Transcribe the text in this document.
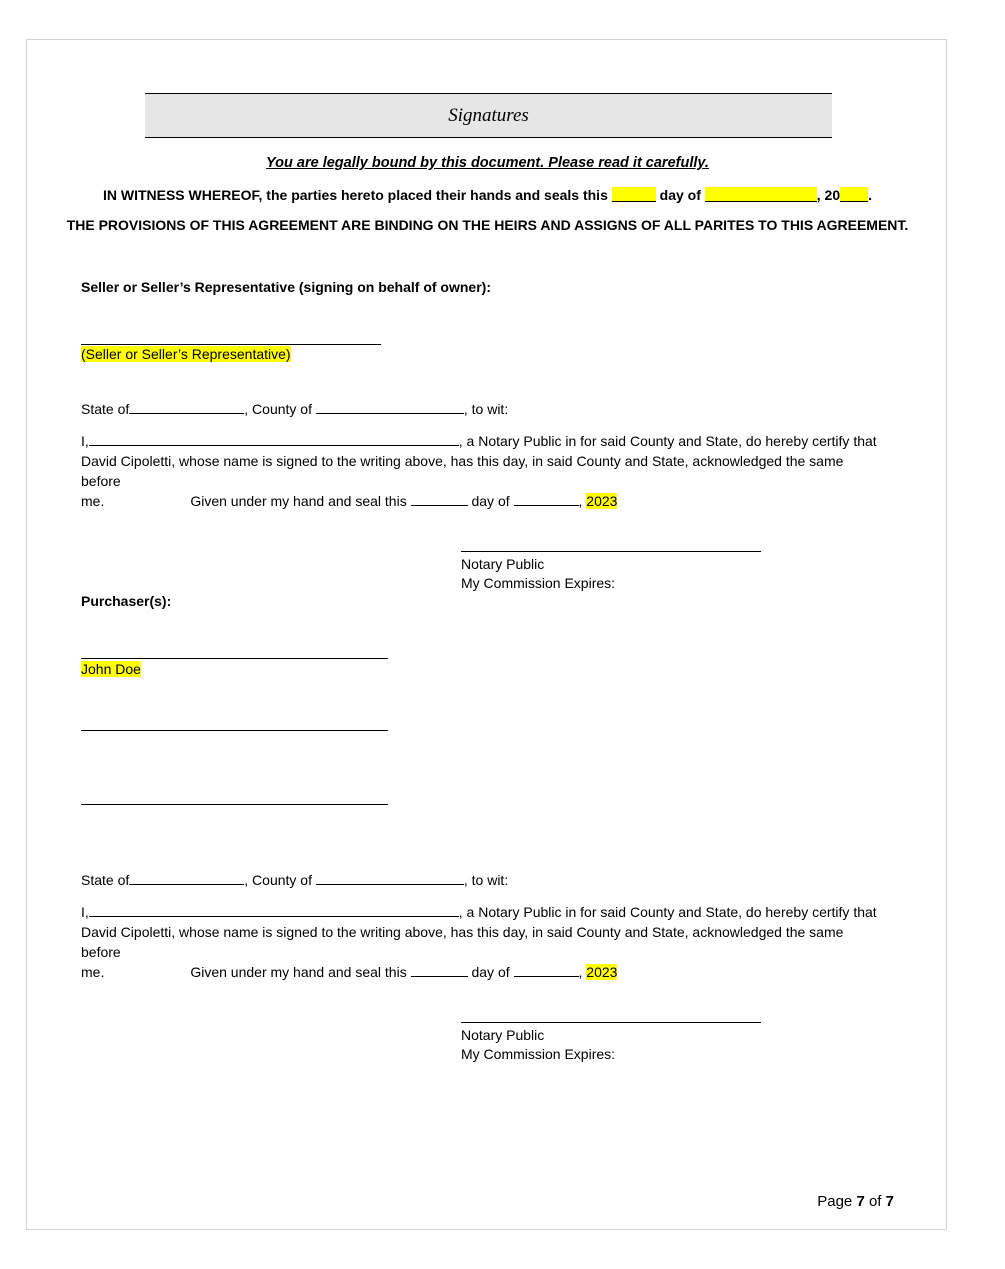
Signatures
You are legally bound by this document. Please read it carefully.
IN WITNESS WHEREOF, the parties hereto placed their hands and seals this	day of	, 20 .
THE PROVISIONS OF THIS AGREEMENT ARE BINDING ON THE HEIRS AND ASSIGNS OF ALL PARITES TO THIS AGREEMENT.
Seller or Seller’s Representative (signing on behalf of owner):
(Seller or Seller’s Representative)
State of	, County of	, to wit:
I,	, a Notary Public in for said County and State, do hereby certify that
David Cipoletti, whose name is signed to the writing above, has this day, in said County and State, acknowledged the same before
me.	Given under my hand and seal this	day of	, 2023
Notary Public
My Commission Expires:
Purchaser(s):
John Doe
State of	, County of	, to wit:
I,	, a Notary Public in for said County and State, do hereby certify that
David Cipoletti, whose name is signed to the writing above, has this day, in said County and State, acknowledged the same before
me.	Given under my hand and seal this	day of	, 2023
Notary Public
My Commission Expires:
Page 7 of 7
